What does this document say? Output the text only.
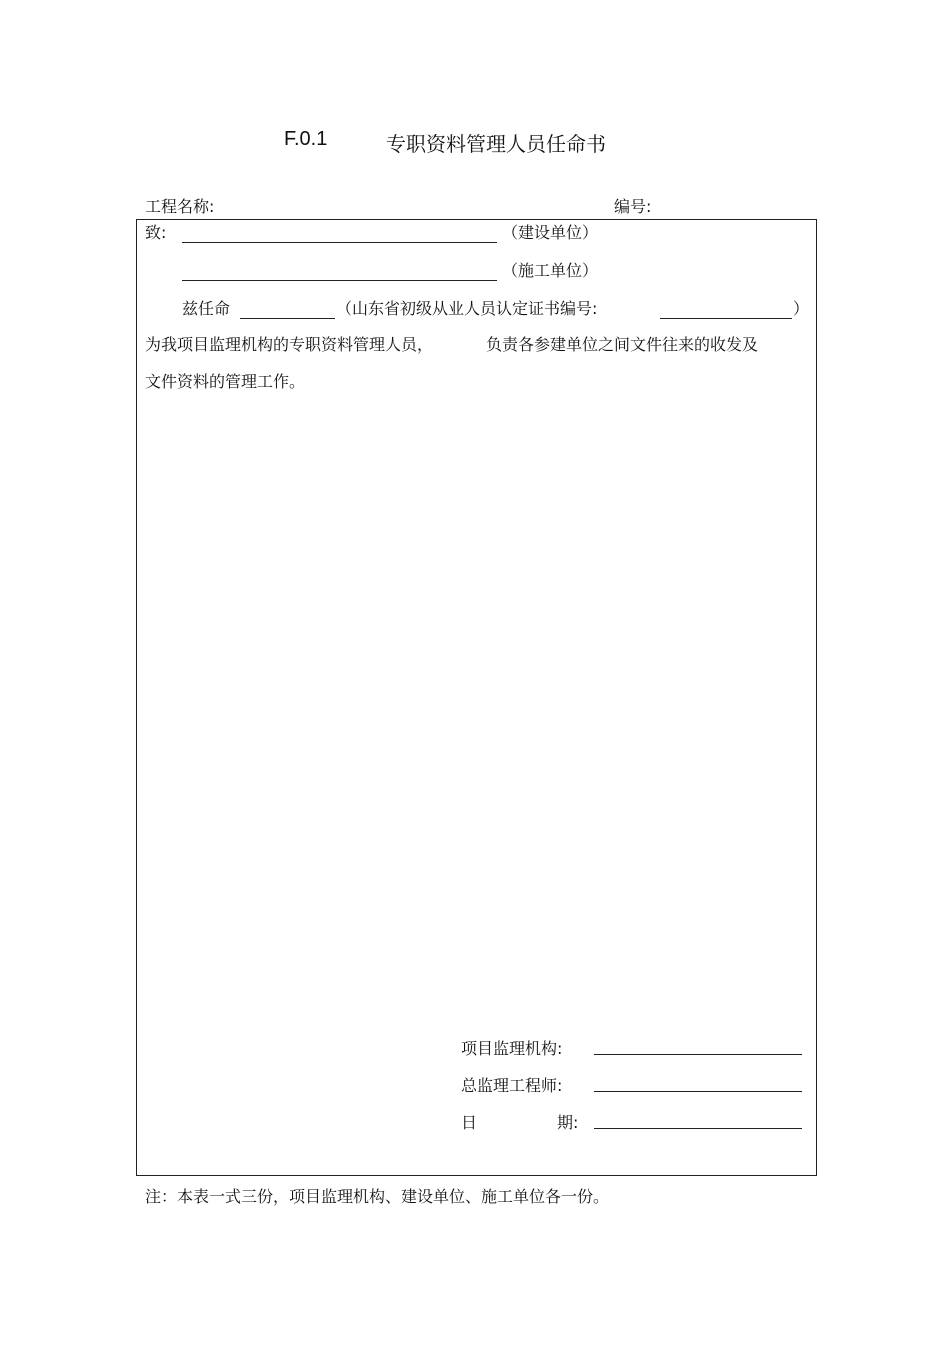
F.0.1	专职资料管理人员任命书
工程名称:	编号:
致:	（建设单位）
（施工单位）
兹任命	（山东省初级从业人员认定证书编号:	）
为我项目监理机构的专职资料管理人员，	负责各参建单位之间文件往来的收发及
文件资料的管理工作。
项目监理机构:
总监理工程师:
日	期:
注：本表一式三份，项目监理机构、建设单位、施工单位各一份。
